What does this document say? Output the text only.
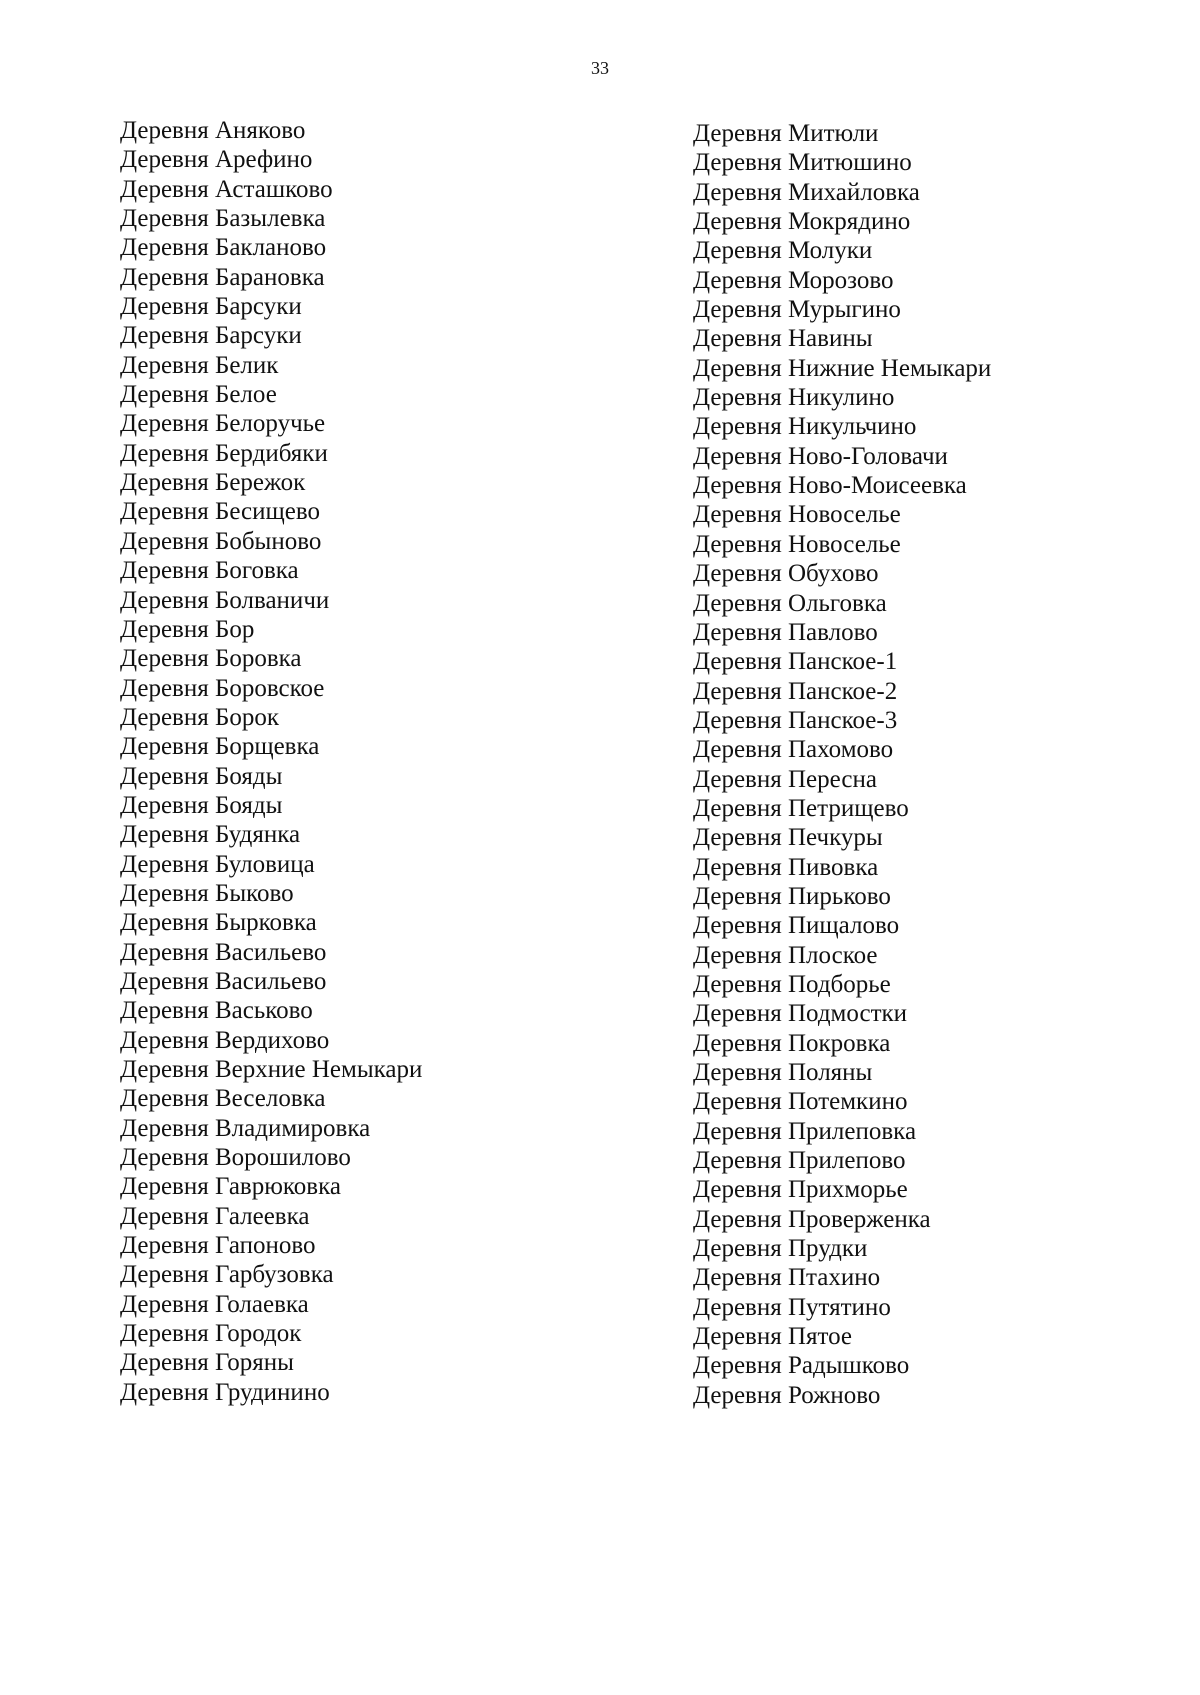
33
Деревня Аняково
Деревня Арефино
Деревня Асташково
Деревня Базылевка
Деревня Бакланово
Деревня Барановка
Деревня Барсуки
Деревня Барсуки
Деревня Белик
Деревня Белое
Деревня Белоручье
Деревня Бердибяки
Деревня Бережок
Деревня Бесищево
Деревня Бобыново
Деревня Боговка
Деревня Болваничи
Деревня Бор
Деревня Боровка
Деревня Боровское
Деревня Борок
Деревня Борщевка
Деревня Бояды
Деревня Бояды
Деревня Будянка
Деревня Буловица
Деревня Быково
Деревня Бырковка
Деревня Васильево
Деревня Васильево
Деревня Васьково
Деревня Вердихово
Деревня Верхние Немыкари
Деревня Веселовка
Деревня Владимировка
Деревня Ворошилово
Деревня Гаврюковка
Деревня Галеевка
Деревня Гапоново
Деревня Гарбузовка
Деревня Голаевка
Деревня Городок
Деревня Горяны
Деревня Грудинино
Деревня Митюли
Деревня Митюшино
Деревня Михайловка
Деревня Мокрядино
Деревня Молуки
Деревня Морозово
Деревня Мурыгино
Деревня Навины
Деревня Нижние Немыкари
Деревня Никулино
Деревня Никульчино
Деревня Ново-Головачи
Деревня Ново-Моисеевка
Деревня Новоселье
Деревня Новоселье
Деревня Обухово
Деревня Ольговка
Деревня Павлово
Деревня Панское-1
Деревня Панское-2
Деревня Панское-3
Деревня Пахомово
Деревня Пересна
Деревня Петрищево
Деревня Печкуры
Деревня Пивовка
Деревня Пирьково
Деревня Пищалово
Деревня Плоское
Деревня Подборье
Деревня Подмостки
Деревня Покровка
Деревня Поляны
Деревня Потемкино
Деревня Прилеповка
Деревня Прилепово
Деревня Прихморье
Деревня Проверженка
Деревня Прудки
Деревня Птахино
Деревня Путятино
Деревня Пятое
Деревня Радышково
Деревня Рожново
